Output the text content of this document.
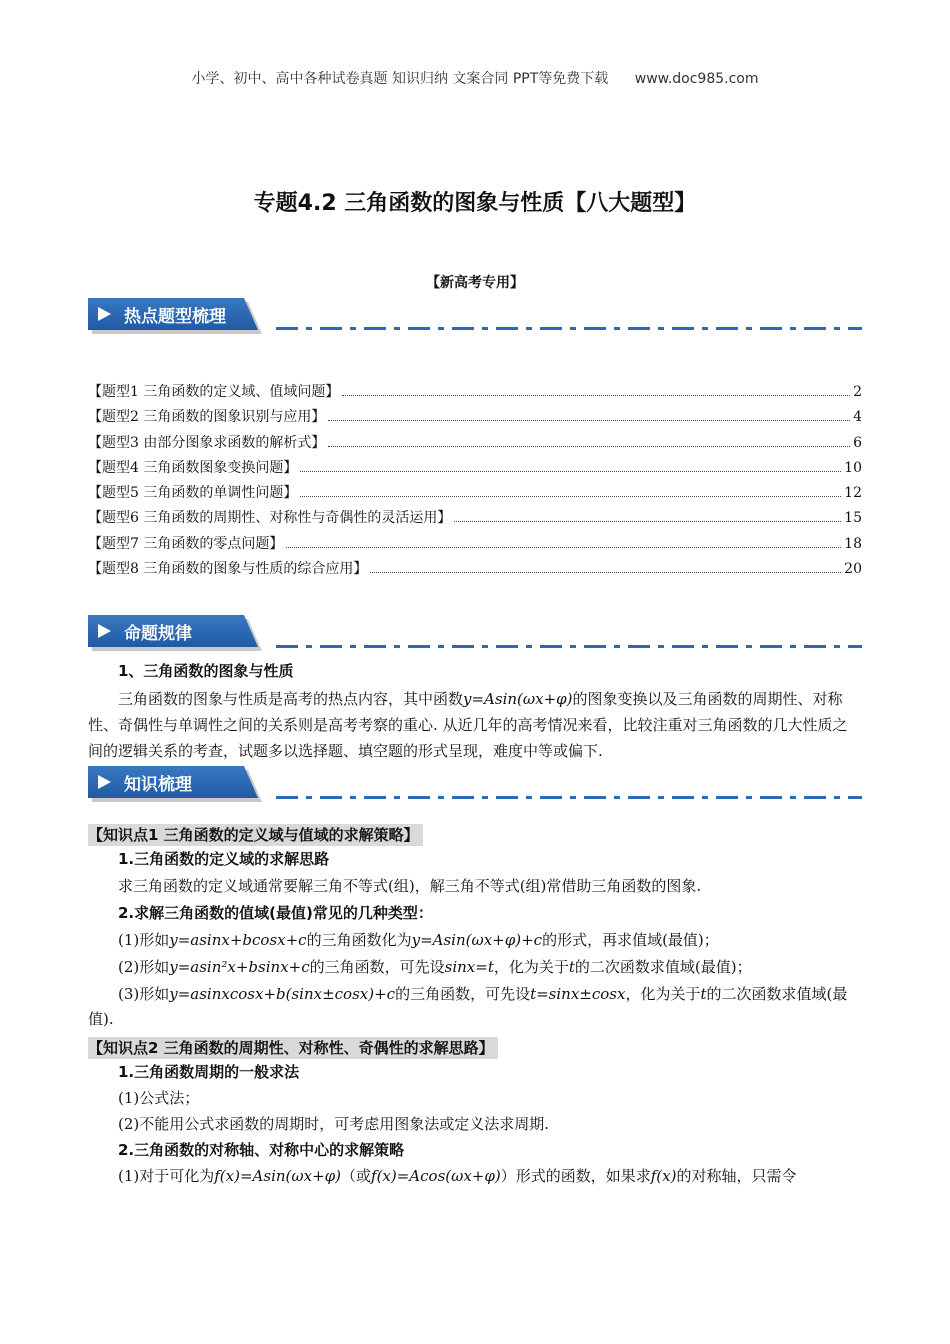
小学、初中、高中各种试卷真题 知识归纳 文案合同 PPT等免费下载 www.doc985.com
专题4.2 三角函数的图象与性质【八大题型】
【新高考专用】
热点题型梳理
【题型1 三角函数的定义域、值域问题】	2
【题型2 三角函数的图象识别与应用】	4
【题型3 由部分图象求函数的解析式】	6
【题型4 三角函数图象变换问题】	10
【题型5 三角函数的单调性问题】	12
【题型6 三角函数的周期性、对称性与奇偶性的灵活运用】	15
【题型7 三角函数的零点问题】	18
【题型8 三角函数的图象与性质的综合应用】	20
命题规律
1、三角函数的图象与性质
三角函数的图象与性质是高考的热点内容，其中函数y=Asin(ωx+φ)的图象变换以及三角函数的周期性、对称性、奇偶性与单调性之间的关系则是高考考察的重心. 从近几年的高考情况来看，比较注重对三角函数的几大性质之间的逻辑关系的考查，试题多以选择题、填空题的形式呈现，难度中等或偏下.
知识梳理
【知识点1 三角函数的定义域与值域的求解策略】
1.三角函数的定义域的求解思路
求三角函数的定义域通常要解三角不等式(组)，解三角不等式(组)常借助三角函数的图象.
2.求解三角函数的值域(最值)常见的几种类型：
(1)形如y=asinx+bcosx+c的三角函数化为y=Asin(ωx+φ)+c的形式，再求值域(最值)；
(2)形如y=asin²x+bsinx+c的三角函数，可先设sinx=t，化为关于t的二次函数求值域(最值)；
(3)形如y=asinxcosx+b(sinx±cosx)+c的三角函数，可先设t=sinx±cosx，化为关于t的二次函数求值域(最
值).
【知识点2 三角函数的周期性、对称性、奇偶性的求解思路】
1.三角函数周期的一般求法
(1)公式法；
(2)不能用公式求函数的周期时，可考虑用图象法或定义法求周期.
2.三角函数的对称轴、对称中心的求解策略
(1)对于可化为f(x)=Asin(ωx+φ)（或f(x)=Acos(ωx+φ)）形式的函数，如果求f(x)的对称轴，只需令
